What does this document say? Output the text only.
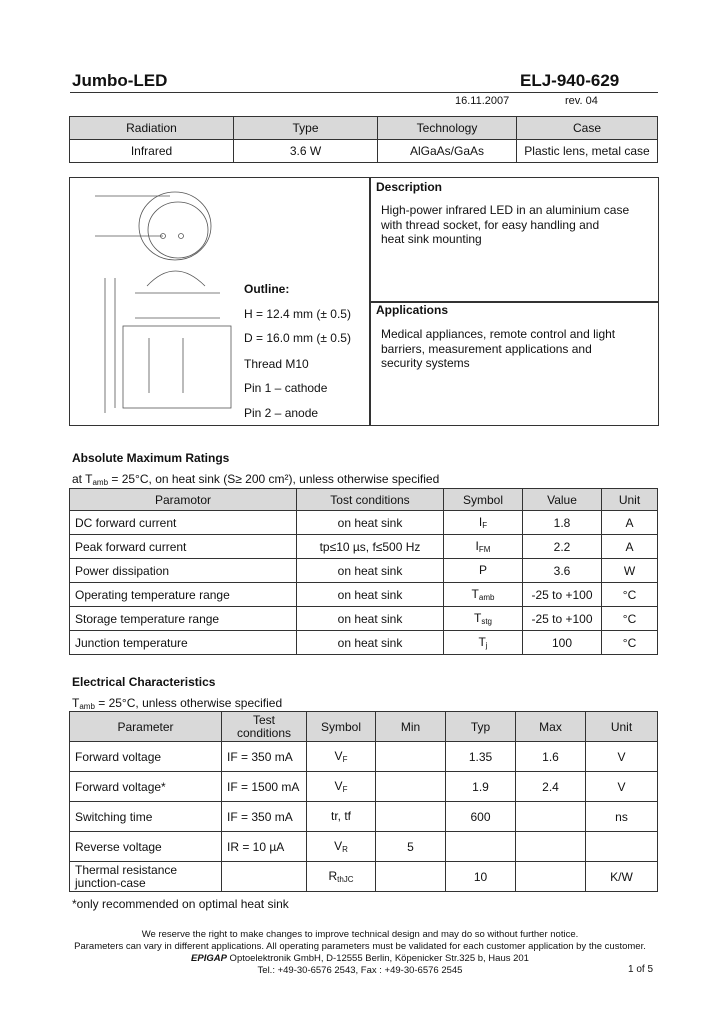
Jumbo-LED	ELJ-940-629
16.11.2007	rev. 04
Radiation	Type	Technology	Case
Infrared	3.6 W	AlGaAs/GaAs	Plastic lens, metal case
Outline:
H = 12.4 mm (± 0.5)
D = 16.0 mm (± 0.5)
Thread M10
Pin 1 – cathode
Pin 2 – anode
Description
High-power infrared LED in an aluminium case
with thread socket, for easy handling and
heat sink mounting
Applications
Medical appliances, remote control and light
barriers, measurement applications and
security systems
Absolute Maximum Ratings
at $T_{amb} = 25^\circ C$, on heat sink (S≥ 200 cm²), unless otherwise specified
Paramotor	Tost conditions	Symbol	Value	Unit
DC forward current	on heat sink	$I_F$	1.8	A
Peak forward current	tp≤10 µs, f≤500 Hz	$I_{FM}$	2.2	A
Power dissipation	on heat sink	P	3.6	W
Operating temperature range	on heat sink	$T_{amb}$	-25 to +100	°C
Storage temperature range	on heat sink	$T_{stg}$	-25 to +100	°C
Junction temperature	on heat sink	$T_j$	100	°C
Electrical Characteristics
$T_{amb} = 25^\circ C$, unless otherwise specified
Parameter	Test conditions	Symbol	Min	Typ	Max	Unit
Forward voltage	IF = 350 mA	$V_F$		1.35	1.6	V
Forward voltage*	IF = 1500 mA	$V_F$		1.9	2.4	V
Switching time	IF = 350 mA	tr, tf		600		ns
Reverse voltage	IR = 10 µA	$V_R$	5			
Thermal resistance junction-case		$R_{thJC}$		10		K/W
*only recommended on optimal heat sink
We reserve the right to make changes to improve technical design and may do so without further notice.
Parameters can vary in different applications. All operating parameters must be validated for each customer application by the customer.
EPIGAP Optoelektronik GmbH, D-12555 Berlin, Köpenicker Str.325 b, Haus 201
Tel.: +49-30-6576 2543, Fax : +49-30-6576 2545	1 of 5
